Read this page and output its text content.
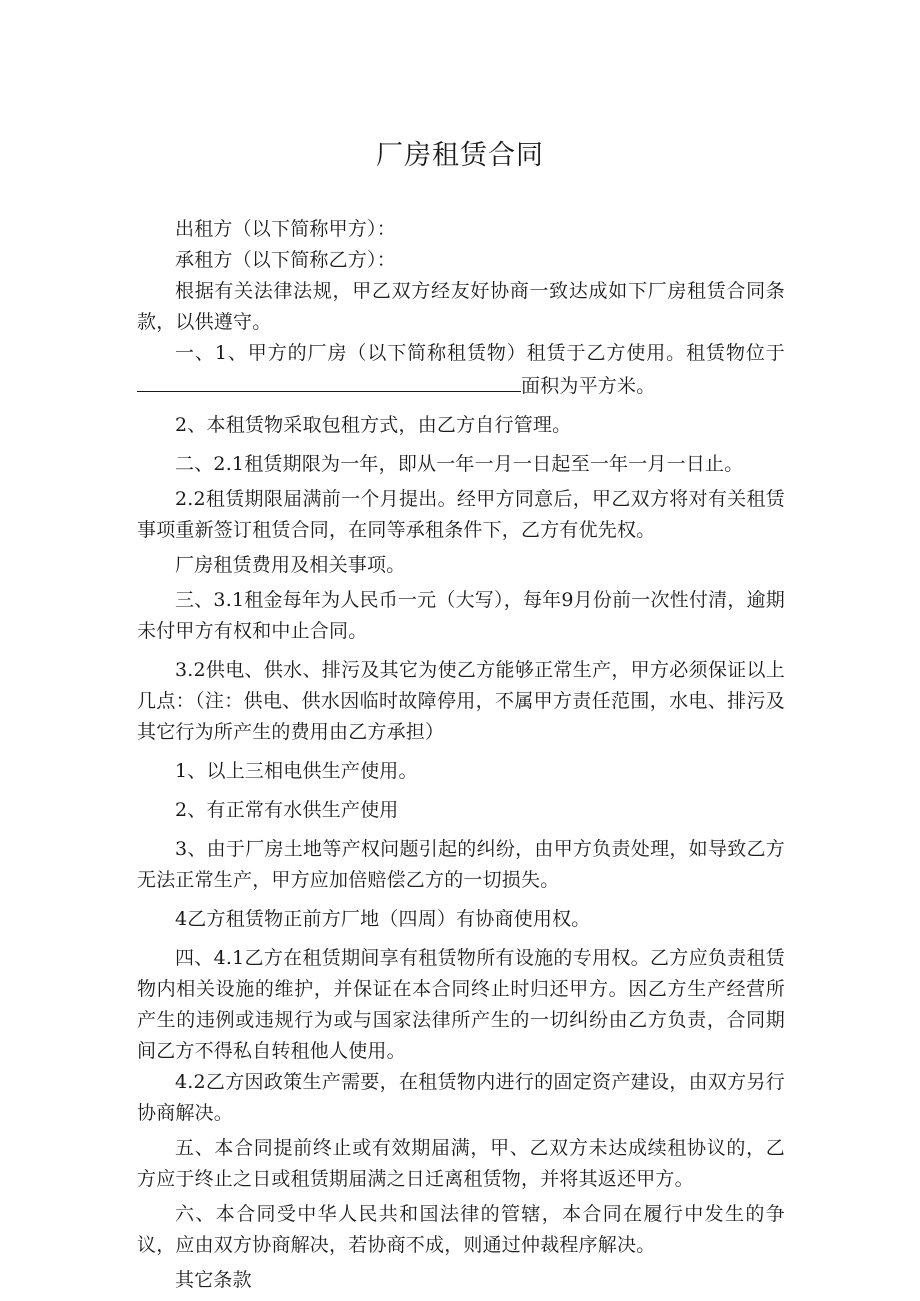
厂房租赁合同

出租方（以下简称甲方）：

承租方（以下简称乙方）：

根据有关法律法规，甲乙双方经友好协商一致达成如下厂房租赁合同条款，以供遵守。

一、1、甲方的厂房（以下简称租赁物）租赁于乙方使用。租赁物位于面积为平方米。

2、本租赁物采取包租方式，由乙方自行管理。

二、2.1租赁期限为一年，即从一年一月一日起至一年一月一日止。

2.2租赁期限届满前一个月提出。经甲方同意后，甲乙双方将对有关租赁事项重新签订租赁合同，在同等承租条件下，乙方有优先权。

厂房租赁费用及相关事项。

三、3.1租金每年为人民币一元（大写），每年9月份前一次性付清，逾期未付甲方有权和中止合同。

3.2供电、供水、排污及其它为使乙方能够正常生产，甲方必须保证以上几点：（注：供电、供水因临时故障停用，不属甲方责任范围，水电、排污及其它行为所产生的费用由乙方承担）

1、以上三相电供生产使用。

2、有正常有水供生产使用

3、由于厂房土地等产权问题引起的纠纷，由甲方负责处理，如导致乙方无法正常生产，甲方应加倍赔偿乙方的一切损失。

4乙方租赁物正前方厂地（四周）有协商使用权。

四、4.1乙方在租赁期间享有租赁物所有设施的专用权。乙方应负责租赁物内相关设施的维护，并保证在本合同终止时归还甲方。因乙方生产经营所产生的违例或违规行为或与国家法律所产生的一切纠纷由乙方负责，合同期间乙方不得私自转租他人使用。

4.2乙方因政策生产需要，在租赁物内进行的固定资产建设，由双方另行协商解决。

五、本合同提前终止或有效期届满，甲、乙双方未达成续租协议的，乙方应于终止之日或租赁期届满之日迁离租赁物，并将其返还甲方。

六、本合同受中华人民共和国法律的管辖，本合同在履行中发生的争议，应由双方协商解决，若协商不成，则通过仲裁程序解决。

其它条款
